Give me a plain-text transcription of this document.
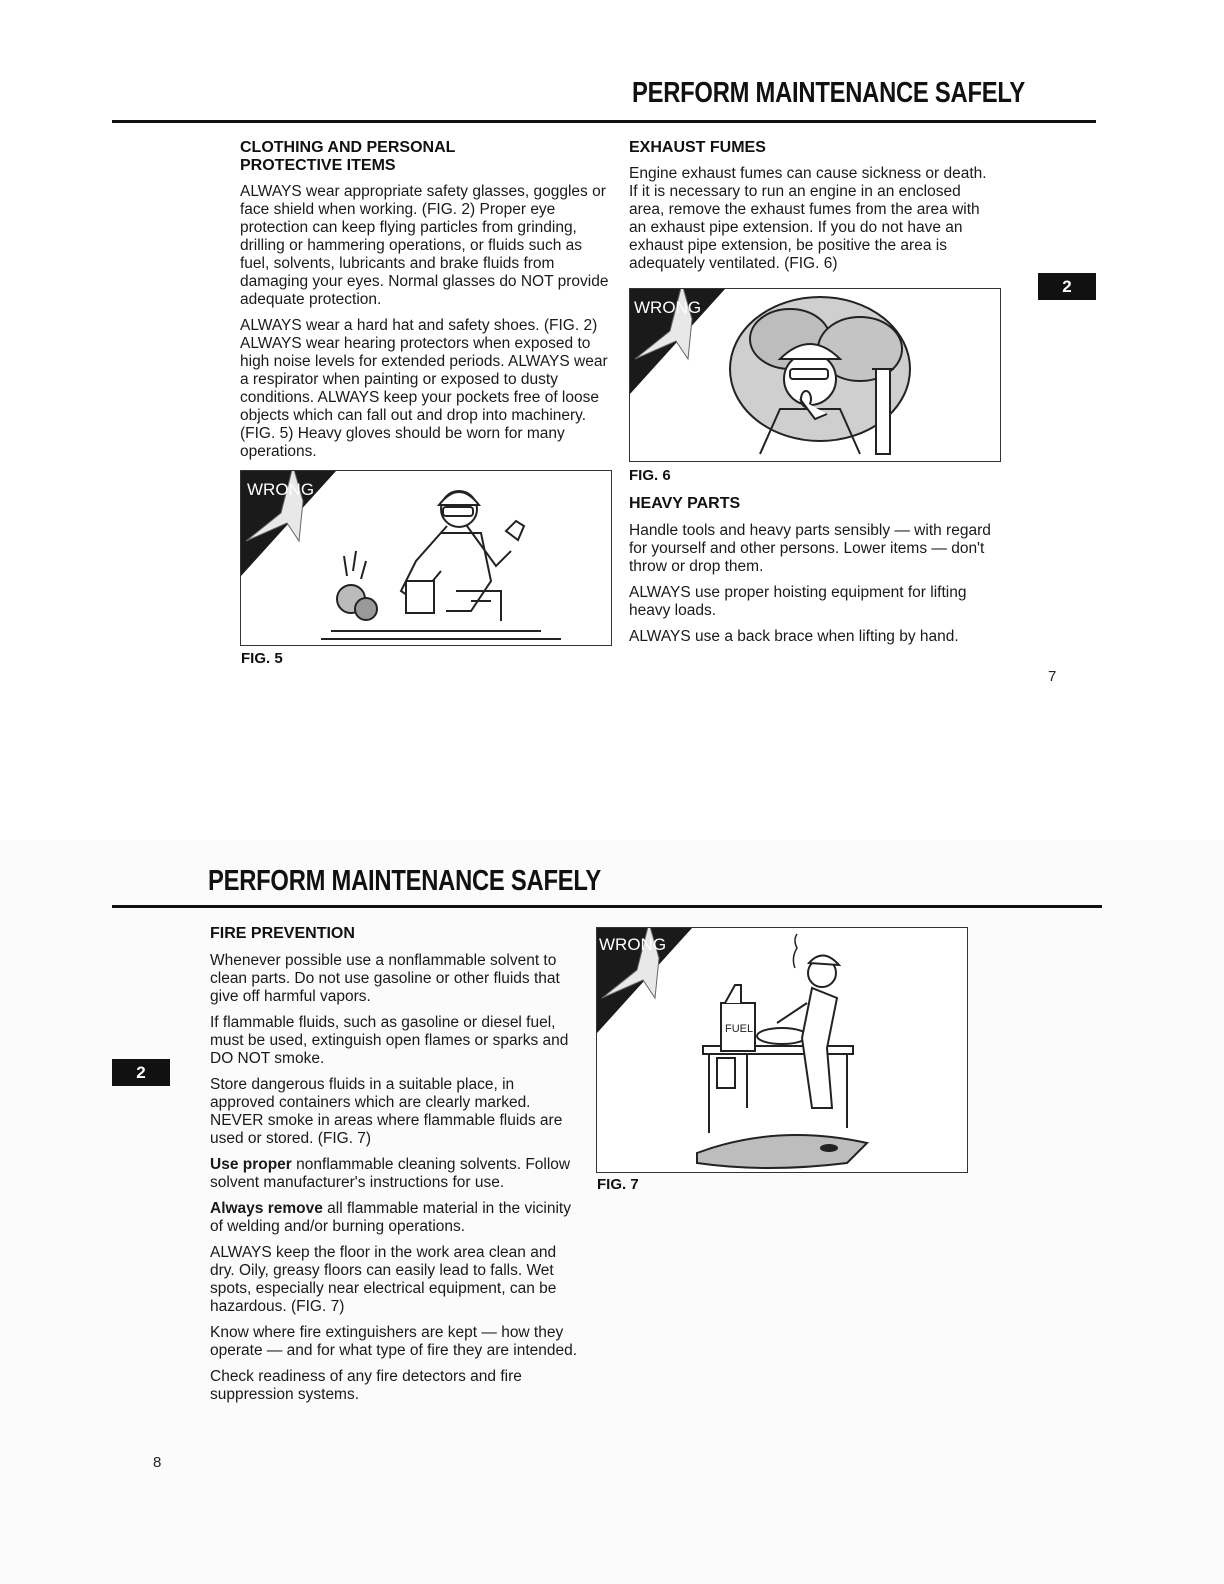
PERFORM MAINTENANCE SAFELY
2
CLOTHING AND PERSONAL
PROTECTIVE ITEMS

ALWAYS wear appropriate safety glasses, goggles or face shield when working. (FIG. 2) Proper eye protection can keep flying particles from grinding, drilling or hammering operations, or fluids such as fuel, solvents, lubricants and brake fluids from damaging your eyes. Normal glasses do NOT provide adequate protection.

ALWAYS wear a hard hat and safety shoes. (FIG. 2) ALWAYS wear hearing protectors when exposed to high noise levels for extended periods. ALWAYS wear a respirator when painting or exposed to dusty conditions. ALWAYS keep your pockets free of loose objects which can fall out and drop into machinery. (FIG. 5) Heavy gloves should be worn for many operations.

WRONG
FIG. 5
EXHAUST FUMES

Engine exhaust fumes can cause sickness or death. If it is necessary to run an engine in an enclosed area, remove the exhaust fumes from the area with an exhaust pipe extension. If you do not have an exhaust pipe extension, be positive the area is adequately ventilated. (FIG. 6)

WRONG
FIG. 6
HEAVY PARTS

Handle tools and heavy parts sensibly — with regard for yourself and other persons. Lower items — don't throw or drop them.

ALWAYS use proper hoisting equipment for lifting heavy loads.

ALWAYS use a back brace when lifting by hand.

7
PERFORM MAINTENANCE SAFELY
2
FIRE PREVENTION

Whenever possible use a nonflammable solvent to clean parts. Do not use gasoline or other fluids that give off harmful vapors.

If flammable fluids, such as gasoline or diesel fuel, must be used, extinguish open flames or sparks and DO NOT smoke.

Store dangerous fluids in a suitable place, in approved containers which are clearly marked. NEVER smoke in areas where flammable fluids are used or stored. (FIG. 7)

Use proper nonflammable cleaning solvents. Follow solvent manufacturer's instructions for use.

Always remove all flammable material in the vicinity of welding and/or burning operations.

ALWAYS keep the floor in the work area clean and dry. Oily, greasy floors can easily lead to falls. Wet spots, especially near electrical equipment, can be hazardous. (FIG. 7)

Know where fire extinguishers are kept — how they operate — and for what type of fire they are intended.

Check readiness of any fire detectors and fire suppression systems.

WRONG
FUEL
FIG. 7
8
